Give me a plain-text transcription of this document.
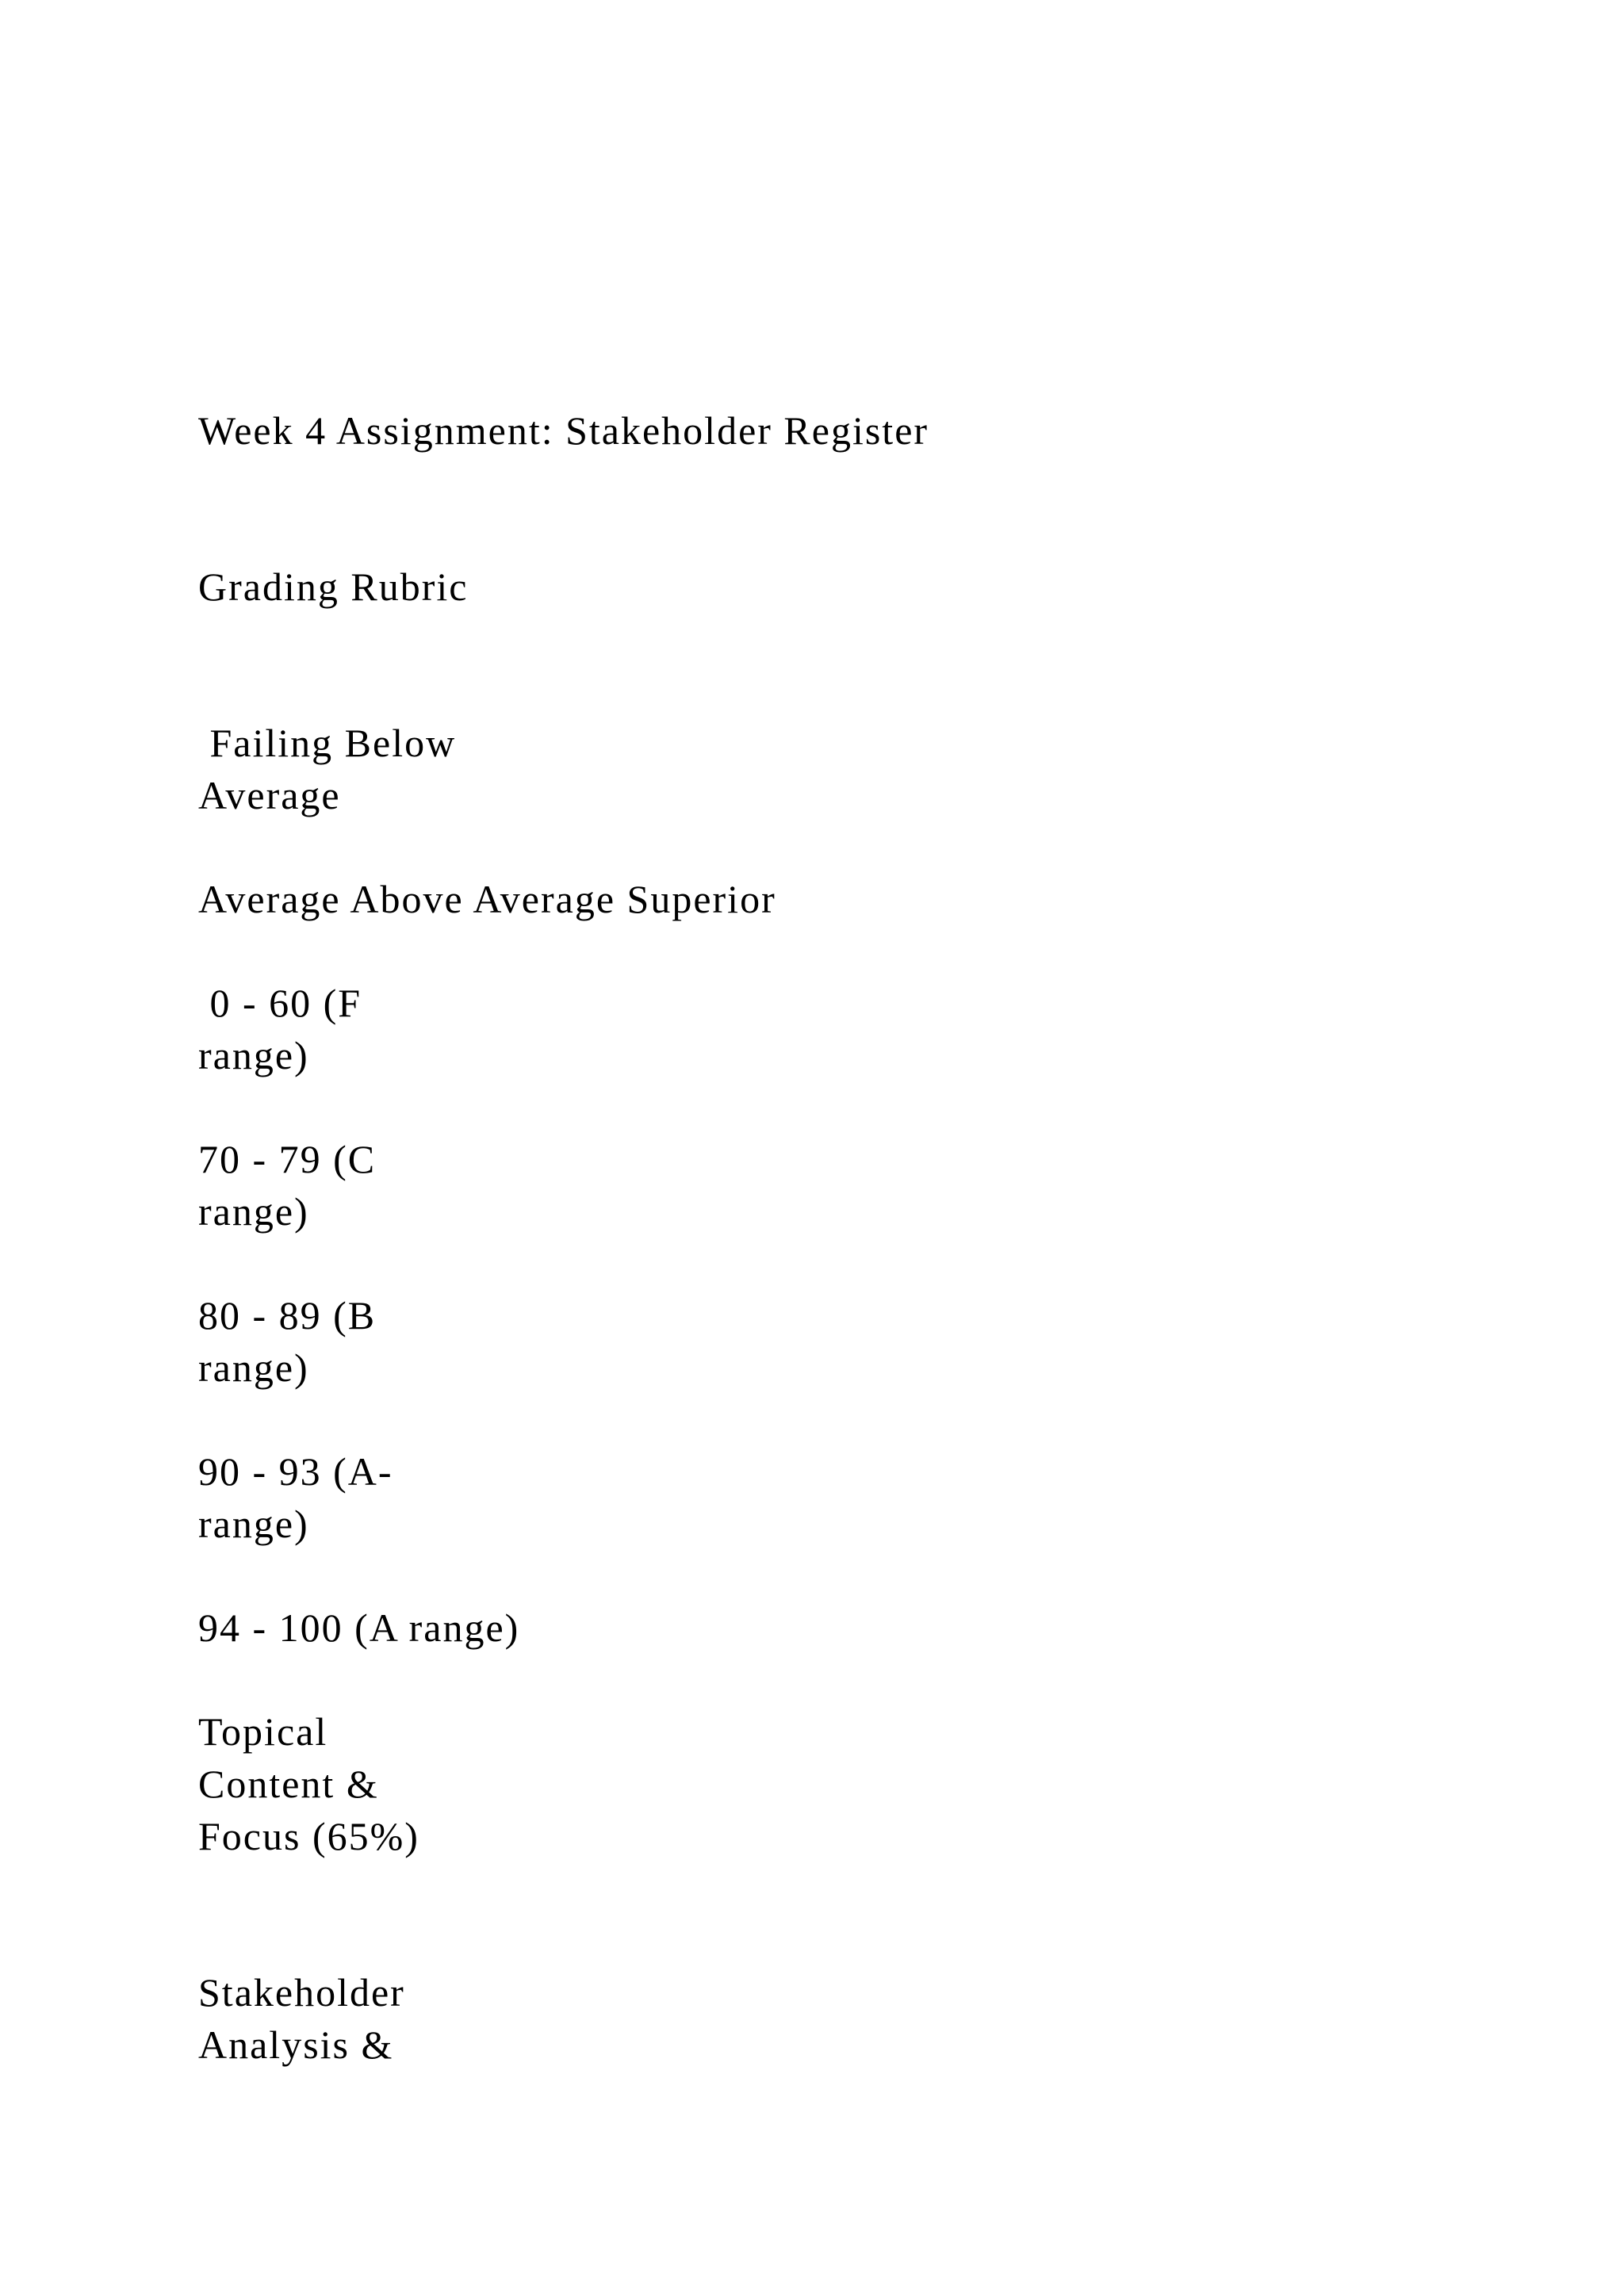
Week 4 Assignment: Stakeholder Register

Grading Rubric

Failing Below

Average

Average Above Average Superior

0 - 60 (F

range)

70 - 79 (C

range)

80 - 89 (B

range)

90 - 93 (A-

range)

94 - 100 (A range)

Topical

Content &

Focus (65%)

Stakeholder

Analysis &
